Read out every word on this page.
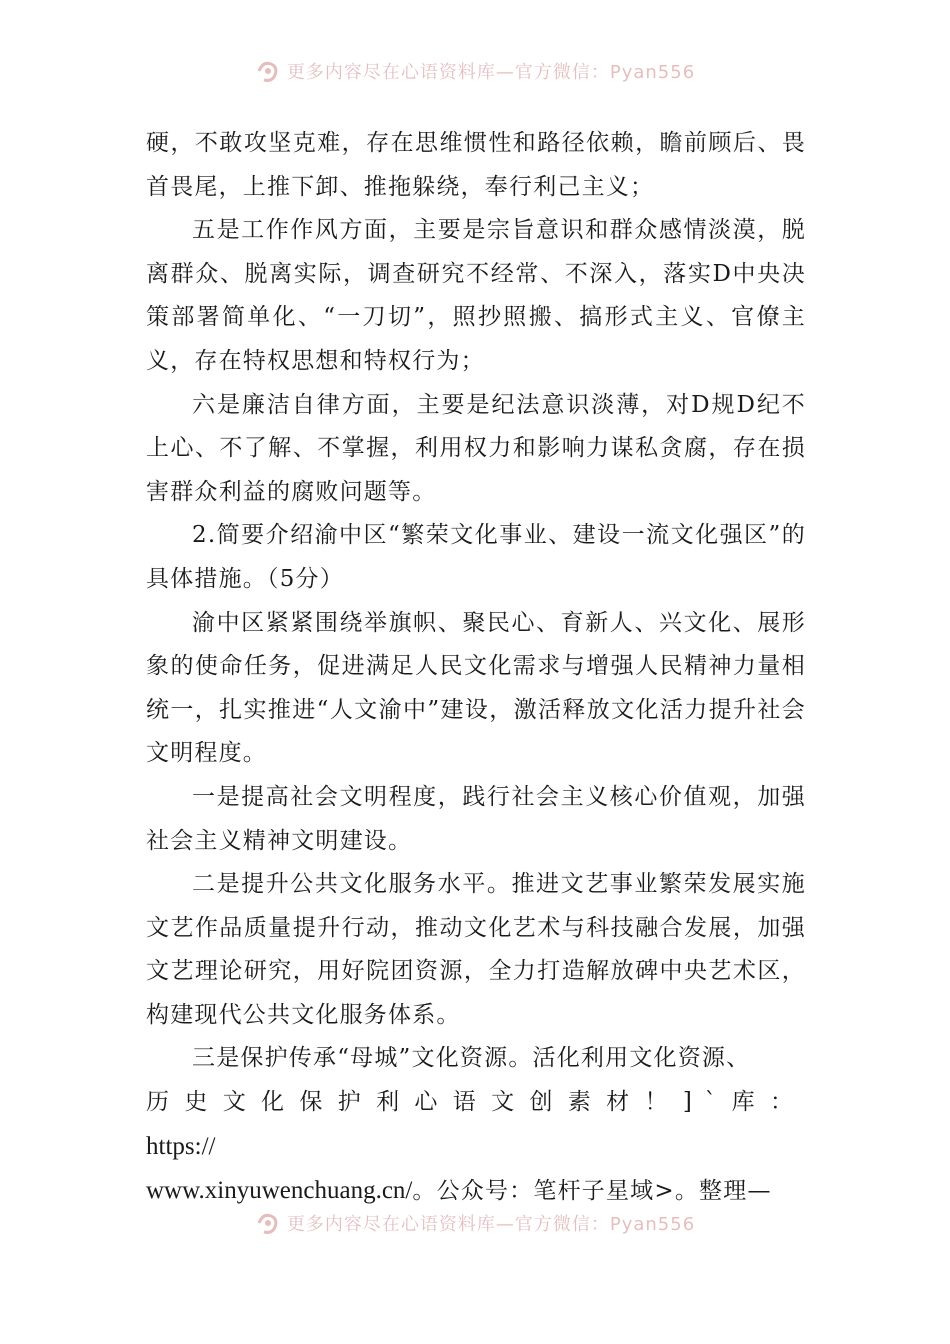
更多内容尽在心语资料库—官方微信：Pyan556

硬，不敢攻坚克难，存在思维惯性和路径依赖，瞻前顾后、畏首畏尾，上推下卸、推拖躲绕，奉行利己主义；

五是工作作风方面，主要是宗旨意识和群众感情淡漠，脱离群众、脱离实际，调查研究不经常、不深入，落实D中央决策部署简单化、“一刀切”，照抄照搬、搞形式主义、官僚主义，存在特权思想和特权行为；

六是廉洁自律方面，主要是纪法意识淡薄，对D规D纪不上心、不了解、不掌握，利用权力和影响力谋私贪腐，存在损害群众利益的腐败问题等。

2.简要介绍渝中区“繁荣文化事业、建设一流文化强区”的具体措施。（5分）

渝中区紧紧围绕举旗帜、聚民心、育新人、兴文化、展形象的使命任务，促进满足人民文化需求与增强人民精神力量相统一，扎实推进“人文渝中”建设，激活释放文化活力提升社会文明程度。

一是提高社会文明程度，践行社会主义核心价值观，加强社会主义精神文明建设。

二是提升公共文化服务水平。推进文艺事业繁荣发展实施文艺作品质量提升行动，推动文化艺术与科技融合发展，加强文艺理论研究，用好院团资源，全力打造解放碑中央艺术区，构建现代公共文化服务体系。

三是保护传承“母城”文化资源。活化利用文化资源、

历史文化保护利心语文创素材！]`库：https://

www.xinyuwenchuang.cn/。公众号：笔杆子星域>。整理—

更多内容尽在心语资料库—官方微信：Pyan556
